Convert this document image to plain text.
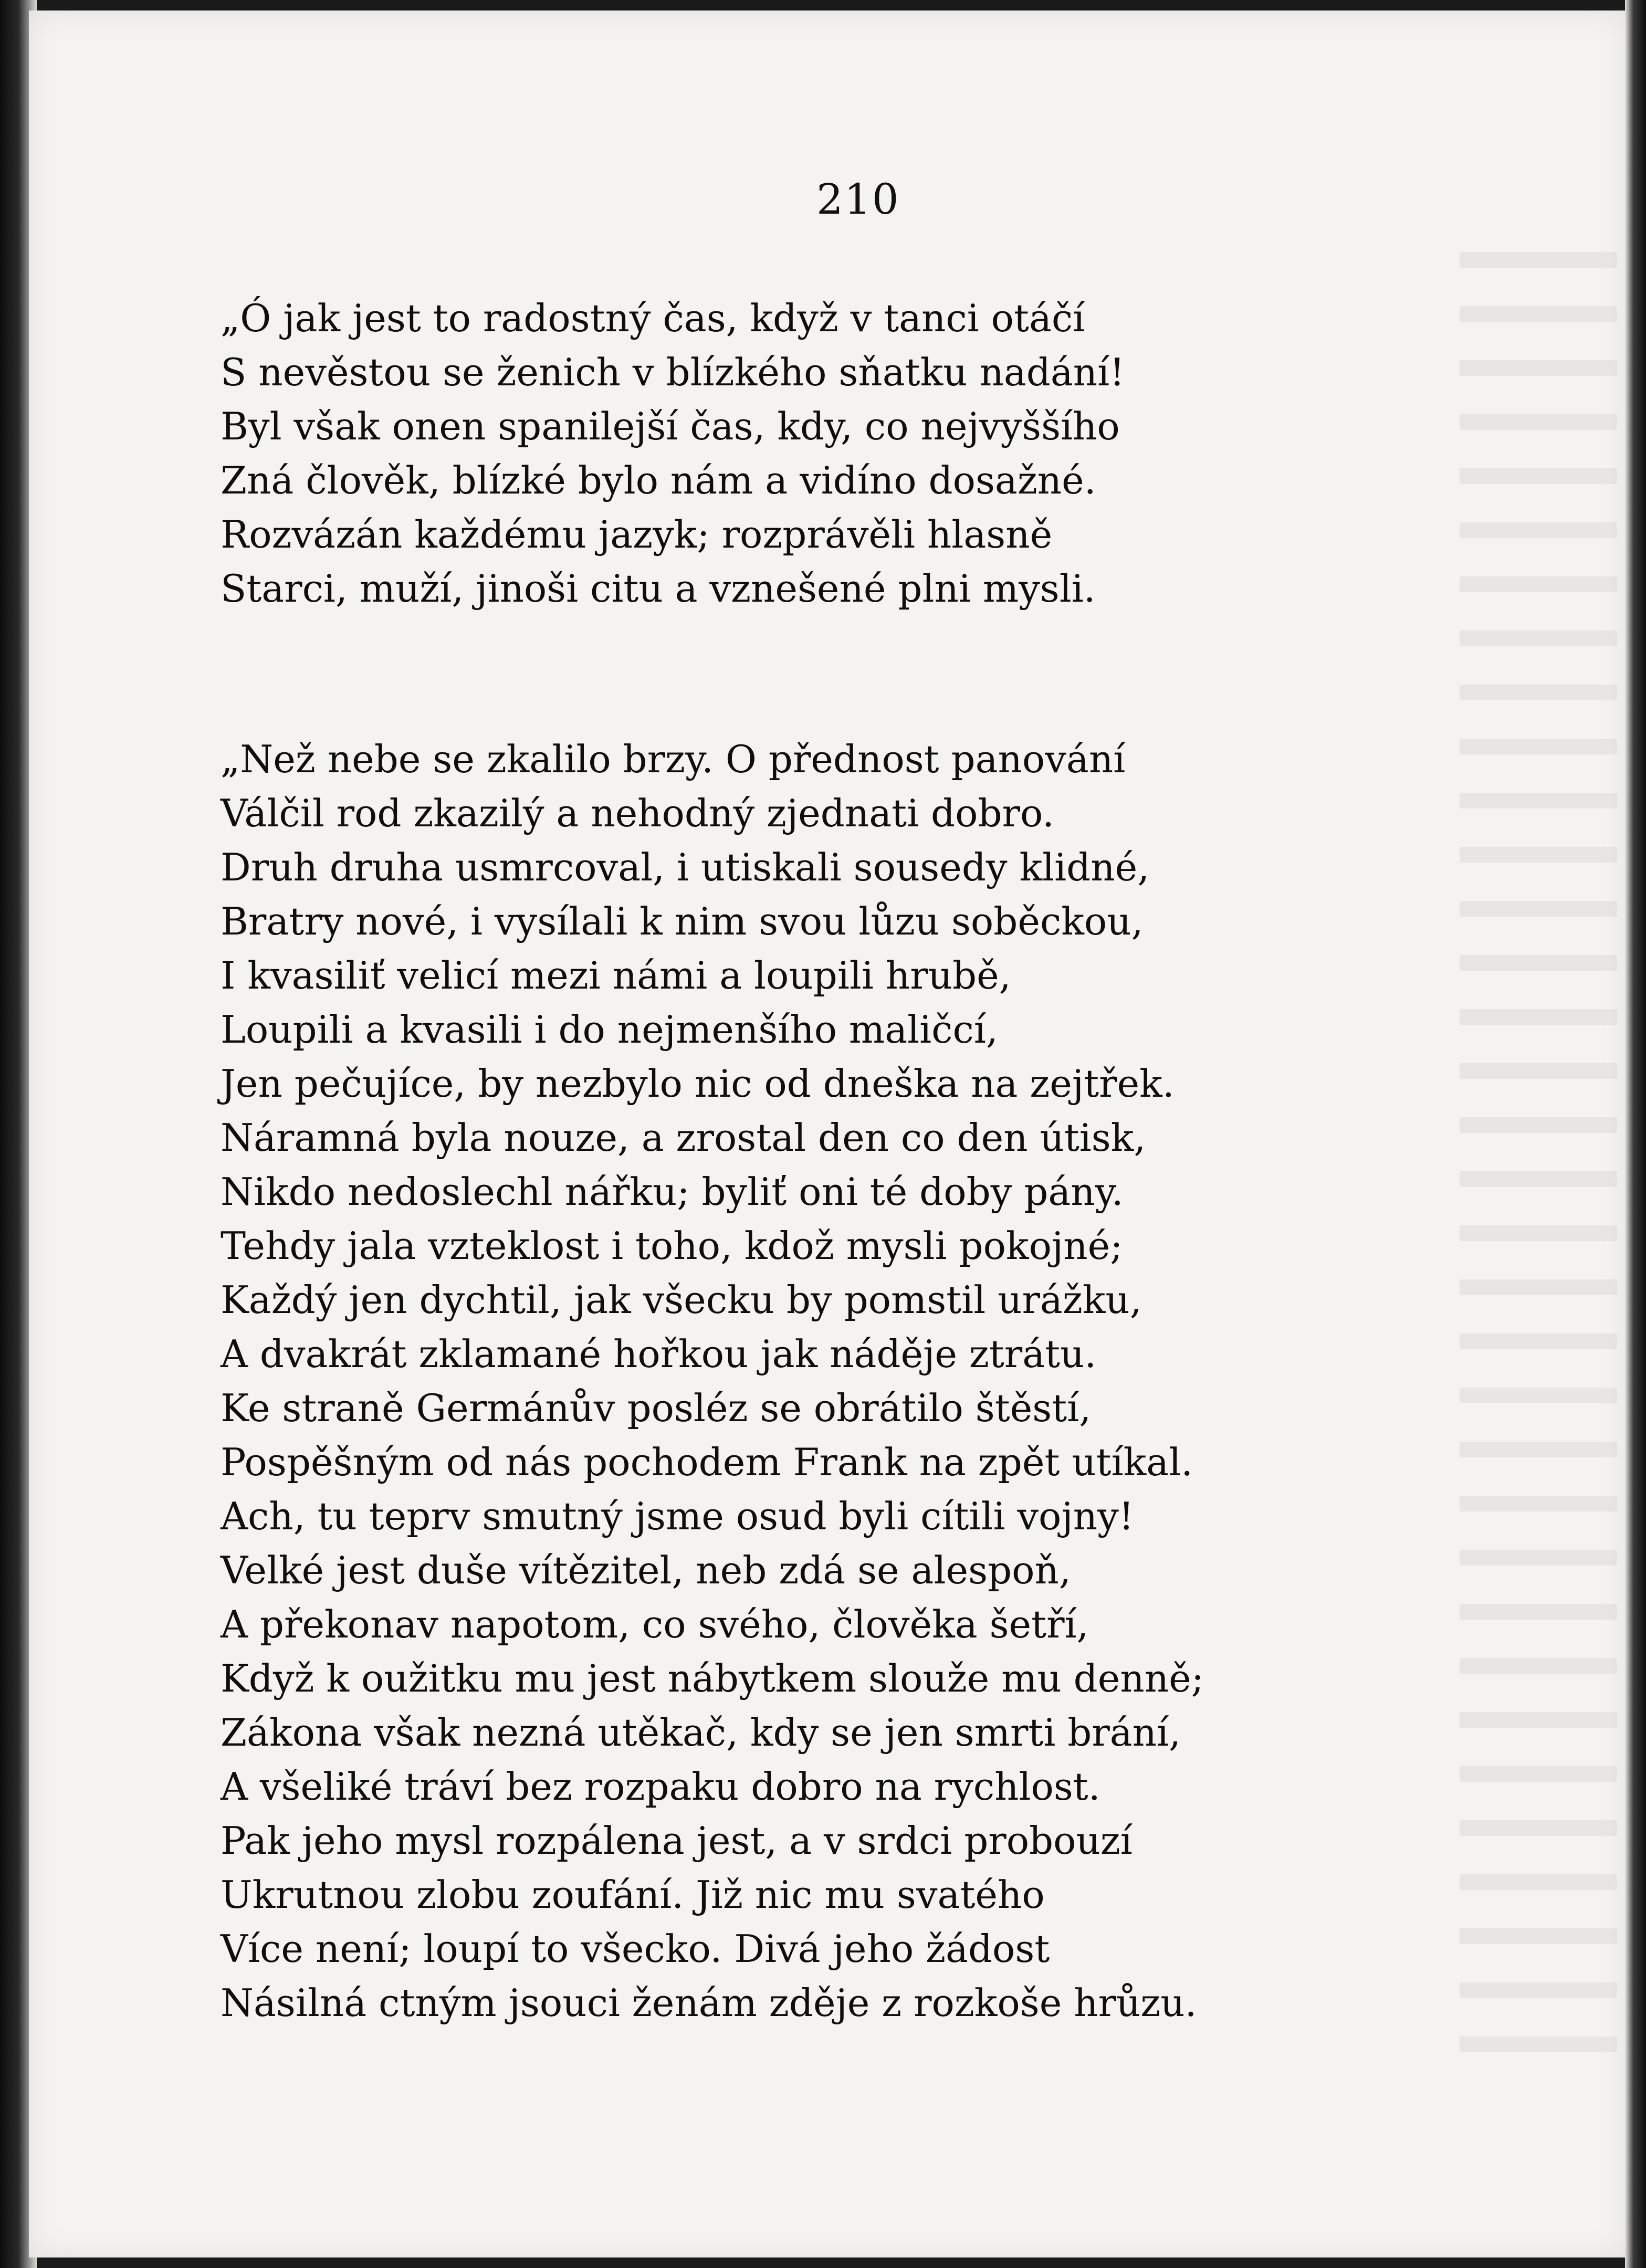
210
„Ó jak jest to radostný čas, když v tanci otáčí
S nevěstou se ženich v blízkého sňatku nadání!
Byl však onen spanilejší čas, kdy, co nejvyššího
Zná člověk, blízké bylo nám a vidíno dosažné.
Rozvázán každému jazyk; rozprávěli hlasně
Starci, muží, jinoši citu a vznešené plni mysli.
„Než nebe se zkalilo brzy. O přednost panování
Válčil rod zkazilý a nehodný zjednati dobro.
Druh druha usmrcoval, i utiskali sousedy klidné,
Bratry nové, i vysílali k nim svou lůzu soběckou,
I kvasiliť velicí mezi námi a loupili hrubě,
Loupili a kvasili i do nejmenšího maličcí,
Jen pečujíce, by nezbylo nic od dneška na zejtřek.
Náramná byla nouze, a zrostal den co den útisk,
Nikdo nedoslechl nářku; byliť oni té doby pány.
Tehdy jala vzteklost i toho, kdož mysli pokojné;
Každý jen dychtil, jak všecku by pomstil urážku,
A dvakrát zklamané hořkou jak náděje ztrátu.
Ke straně Germánův posléz se obrátilo štěstí,
Pospěšným od nás pochodem Frank na zpět utíkal.
Ach, tu teprv smutný jsme osud byli cítili vojny!
Velké jest duše vítězitel, neb zdá se alespoň,
A překonav napotom, co svého, člověka šetří,
Když k oužitku mu jest nábytkem slouže mu denně;
Zákona však nezná utěkač, kdy se jen smrti brání,
A všeliké tráví bez rozpaku dobro na rychlost.
Pak jeho mysl rozpálena jest, a v srdci probouzí
Ukrutnou zlobu zoufání. Již nic mu svatého
Více není; loupí to všecko. Divá jeho žádost
Násilná ctným jsouci ženám zděje z rozkoše hrůzu.
